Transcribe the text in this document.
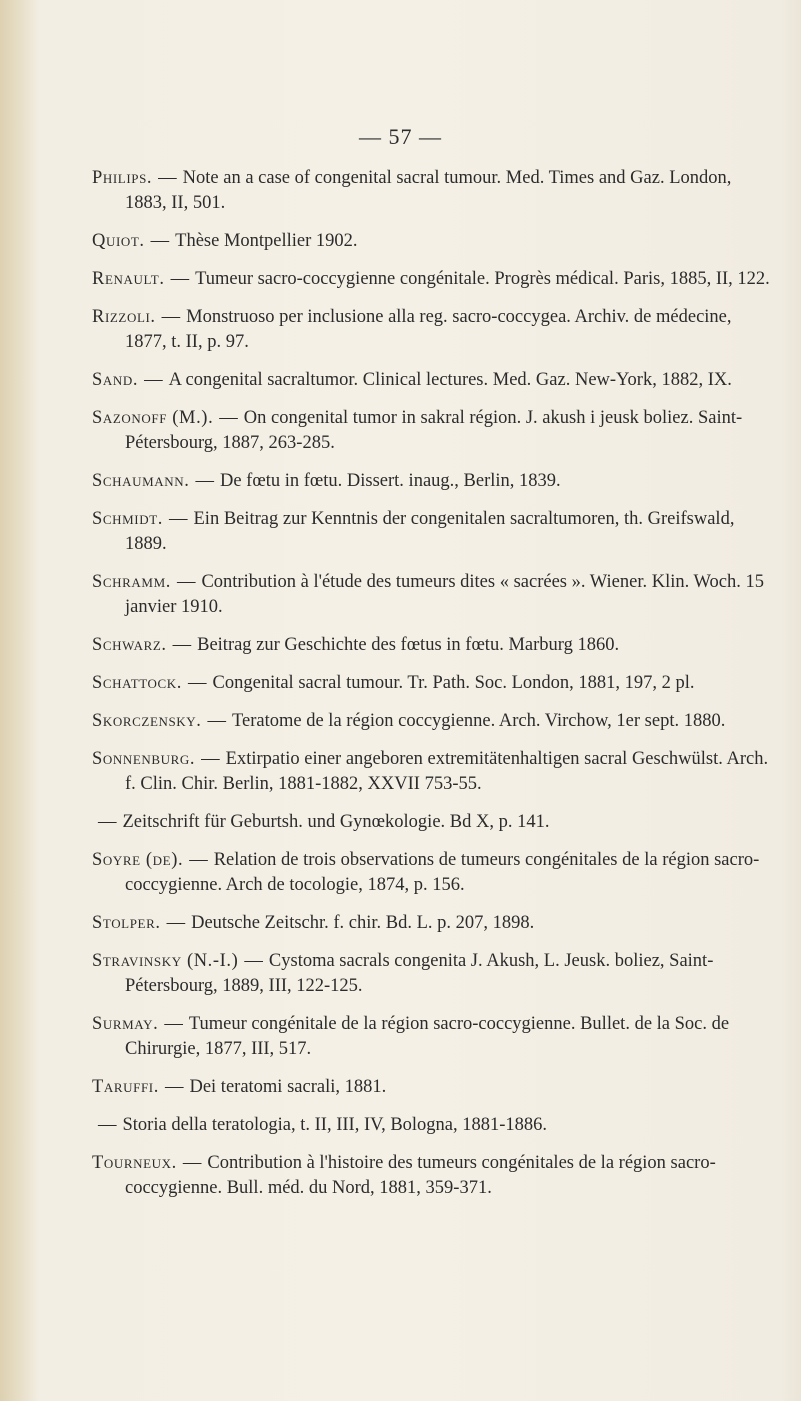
— 57 —

Philips. — Note an a case of congenital sacral tumour. Med. Times and Gaz. London, 1883, II, 501.

Quiot. — Thèse Montpellier 1902.

Renault. — Tumeur sacro-coccygienne congénitale. Progrès médical. Paris, 1885, II, 122.

Rizzoli. — Monstruoso per inclusione alla reg. sacro-coccygea. Archiv. de médecine, 1877, t. II, p. 97.

Sand. — A congenital sacraltumor. Clinical lectures. Med. Gaz. New-York, 1882, IX.

Sazonoff (M.). — On congenital tumor in sakral région. J. akush i jeusk boliez. Saint-Pétersbourg, 1887, 263-285.

Schaumann. — De fœtu in fœtu. Dissert. inaug., Berlin, 1839.

Schmidt. — Ein Beitrag zur Kenntnis der congenitalen sacraltumoren, th. Greifswald, 1889.

Schramm. — Contribution à l'étude des tumeurs dites « sacrées ». Wiener. Klin. Woch. 15 janvier 1910.

Schwarz. — Beitrag zur Geschichte des fœtus in fœtu. Marburg 1860.

Schattock. — Congenital sacral tumour. Tr. Path. Soc. London, 1881, 197, 2 pl.

Skorczensky. — Teratome de la région coccygienne. Arch. Virchow, 1er sept. 1880.

Sonnenburg. — Extirpatio einer angeboren extremitätenhaltigen sacral Geschwülst. Arch. f. Clin. Chir. Berlin, 1881-1882, XXVII 753-55.

— Zeitschrift für Geburtsh. und Gynœkologie. Bd X, p. 141.

Soyre (de). — Relation de trois observations de tumeurs congénitales de la région sacro-coccygienne. Arch de tocologie, 1874, p. 156.

Stolper. — Deutsche Zeitschr. f. chir. Bd. L. p. 207, 1898.

Stravinsky (N.-I.) — Cystoma sacrals congenita J. Akush, L. Jeusk. boliez, Saint-Pétersbourg, 1889, III, 122-125.

Surmay. — Tumeur congénitale de la région sacro-coccygienne. Bullet. de la Soc. de Chirurgie, 1877, III, 517.

Taruffi. — Dei teratomi sacrali, 1881.

— Storia della teratologia, t. II, III, IV, Bologna, 1881-1886.

Tourneux. — Contribution à l'histoire des tumeurs congénitales de la région sacro-coccygienne. Bull. méd. du Nord, 1881, 359-371.
